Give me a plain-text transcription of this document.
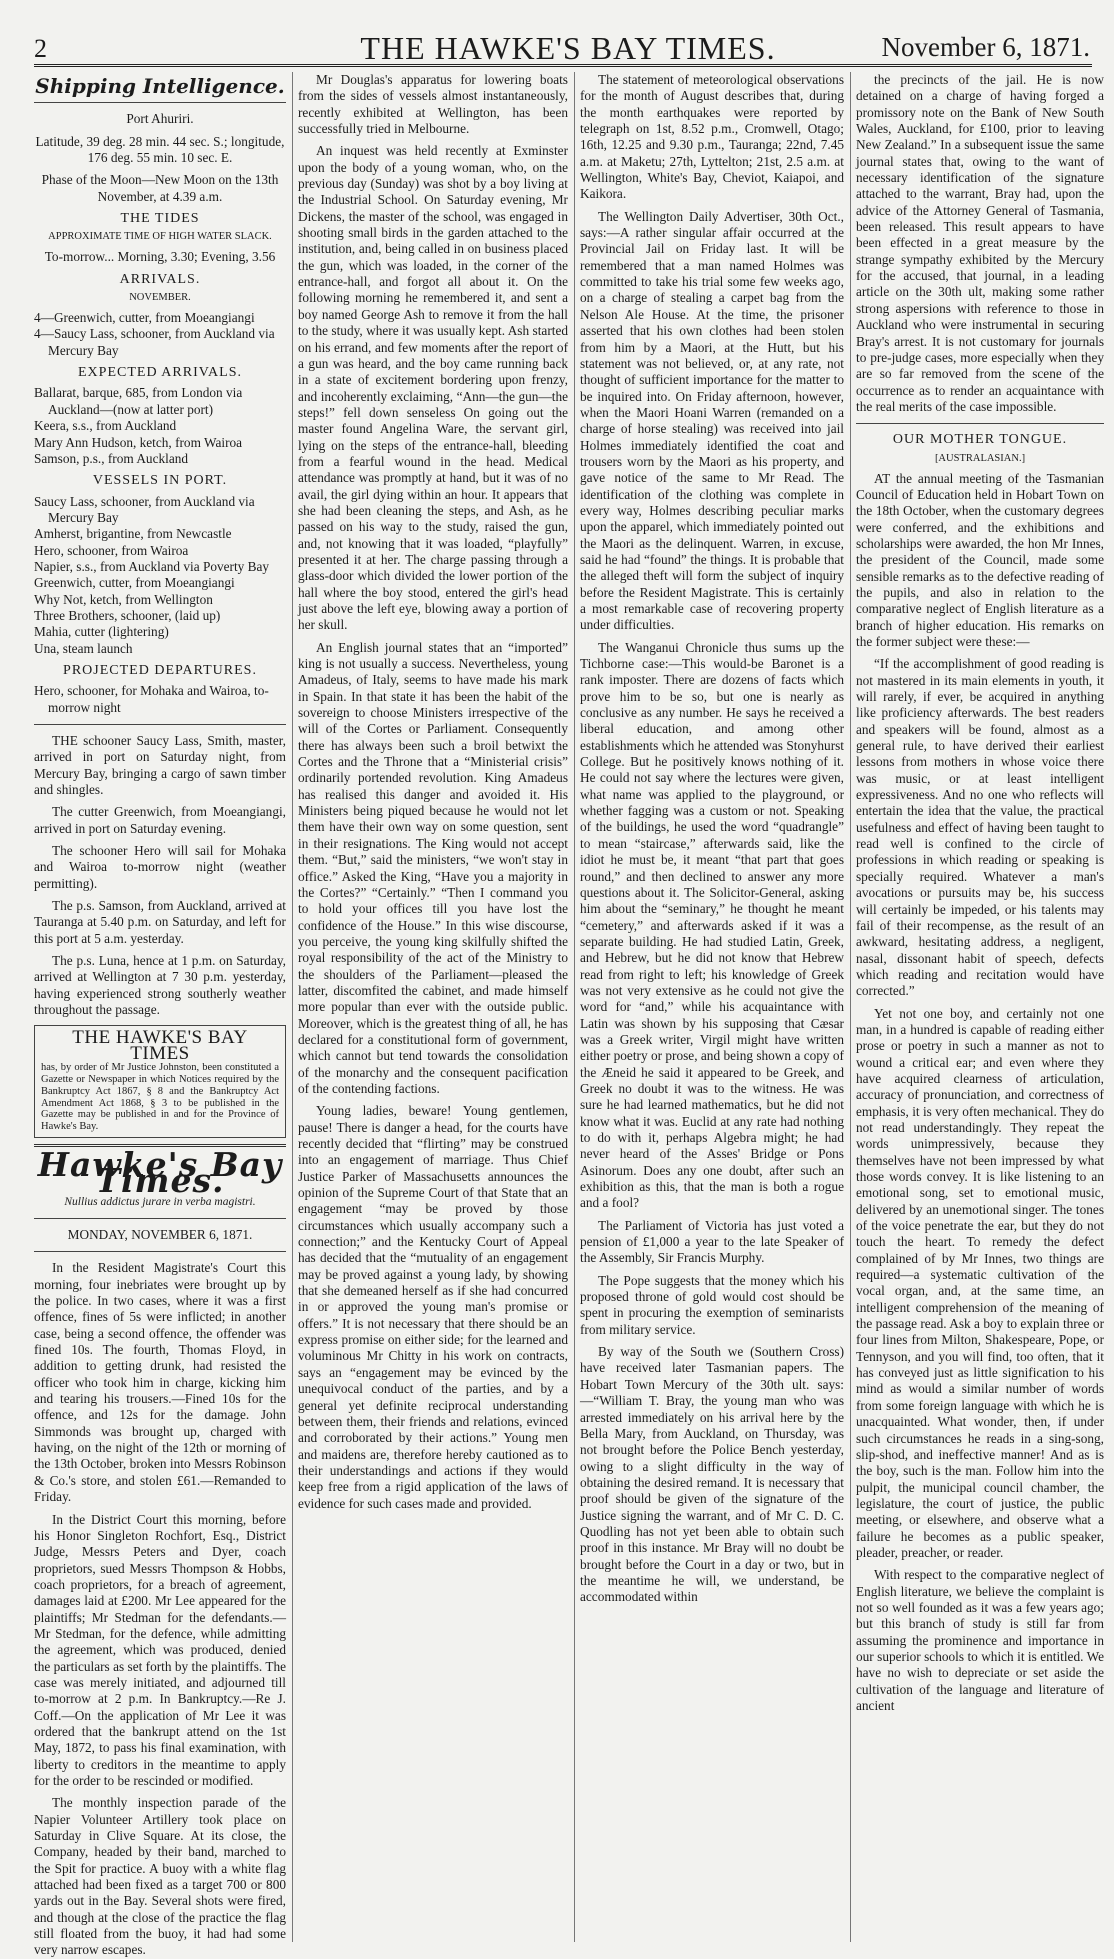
2	THE HAWKE'S BAY TIMES.	November 6, 1871.
Shipping Intelligence.

Port Ahuriri.

Latitude, 39 deg. 28 min. 44 sec. S.; longitude, 176 deg. 55 min. 10 sec. E.

Phase of the Moon—New Moon on the 13th November, at 4.39 a.m.

THE TIDES

APPROXIMATE TIME OF HIGH WATER SLACK.

To-morrow... Morning, 3.30; Evening, 3.56

ARRIVALS.

NOVEMBER.

4—Greenwich, cutter, from Moeangiangi
4—Saucy Lass, schooner, from Auckland via Mercury Bay
EXPECTED ARRIVALS.
Ballarat, barque, 685, from London via Auckland—(now at latter port)
Keera, s.s., from Auckland
Mary Ann Hudson, ketch, from Wairoa
Samson, p.s., from Auckland
VESSELS IN PORT.
Saucy Lass, schooner, from Auckland via Mercury Bay
Amherst, brigantine, from Newcastle
Hero, schooner, from Wairoa
Napier, s.s., from Auckland via Poverty Bay
Greenwich, cutter, from Moeangiangi
Why Not, ketch, from Wellington
Three Brothers, schooner, (laid up)
Mahia, cutter (lightering)
Una, steam launch
PROJECTED DEPARTURES.
Hero, schooner, for Mohaka and Wairoa, to-morrow night

THE schooner Saucy Lass, Smith, master, arrived in port on Saturday night, from Mercury Bay, bringing a cargo of sawn timber and shingles.

The cutter Greenwich, from Moeangiangi, arrived in port on Saturday evening.

The schooner Hero will sail for Mohaka and Wairoa to-morrow night (weather permitting).

The p.s. Samson, from Auckland, arrived at Tauranga at 5.40 p.m. on Saturday, and left for this port at 5 a.m. yesterday.

The p.s. Luna, hence at 1 p.m. on Saturday, arrived at Wellington at 7 30 p.m. yesterday, having experienced strong southerly weather throughout the passage.

THE HAWKE'S BAY TIMES
has, by order of Mr Justice Johnston, been constituted a Gazette or Newspaper in which Notices required by the Bankruptcy Act 1867, § 8 and the Bankruptcy Act Amendment Act 1868, § 3 to be published in the Gazette may be published in and for the Province of Hawke's Bay.
Hawke's Bay Times.

Nullius addictus jurare in verba magistri.

MONDAY, NOVEMBER 6, 1871.

In the Resident Magistrate's Court this morning, four inebriates were brought up by the police. In two cases, where it was a first offence, fines of 5s were inflicted; in another case, being a second offence, the offender was fined 10s. The fourth, Thomas Floyd, in addition to getting drunk, had resisted the officer who took him in charge, kicking him and tearing his trousers.—Fined 10s for the offence, and 12s for the damage. John Simmonds was brought up, charged with having, on the night of the 12th or morning of the 13th October, broken into Messrs Robinson & Co.'s store, and stolen £61.—Remanded to Friday.

In the District Court this morning, before his Honor Singleton Rochfort, Esq., District Judge, Messrs Peters and Dyer, coach proprietors, sued Messrs Thompson & Hobbs, coach proprietors, for a breach of agreement, damages laid at £200. Mr Lee appeared for the plaintiffs; Mr Stedman for the defendants.—Mr Stedman, for the defence, while admitting the agreement, which was produced, denied the particulars as set forth by the plaintiffs. The case was merely initiated, and adjourned till to-morrow at 2 p.m. In Bankruptcy.—Re J. Coff.—On the application of Mr Lee it was ordered that the bankrupt attend on the 1st May, 1872, to pass his final examination, with liberty to creditors in the meantime to apply for the order to be rescinded or modified.

The monthly inspection parade of the Napier Volunteer Artillery took place on Saturday in Clive Square. At its close, the Company, headed by their band, marched to the Spit for practice. A buoy with a white flag attached had been fixed as a target 700 or 800 yards out in the Bay. Several shots were fired, and though at the close of the practice the flag still floated from the buoy, it had had some very narrow escapes.

Mr Douglas's apparatus for lowering boats from the sides of vessels almost instantaneously, recently exhibited at Wellington, has been successfully tried in Melbourne.

An inquest was held recently at Exminster upon the body of a young woman, who, on the previous day (Sunday) was shot by a boy living at the Industrial School. On Saturday evening, Mr Dickens, the master of the school, was engaged in shooting small birds in the garden attached to the institution, and, being called in on business placed the gun, which was loaded, in the corner of the entrance-hall, and forgot all about it. On the following morning he remembered it, and sent a boy named George Ash to remove it from the hall to the study, where it was usually kept. Ash started on his errand, and few moments after the report of a gun was heard, and the boy came running back in a state of excitement bordering upon frenzy, and incoherently exclaiming, “Ann—the gun—the steps!” fell down senseless On going out the master found Angelina Ware, the servant girl, lying on the steps of the entrance-hall, bleeding from a fearful wound in the head. Medical attendance was promptly at hand, but it was of no avail, the girl dying within an hour. It appears that she had been cleaning the steps, and Ash, as he passed on his way to the study, raised the gun, and, not knowing that it was loaded, “playfully” presented it at her. The charge passing through a glass-door which divided the lower portion of the hall where the boy stood, entered the girl's head just above the left eye, blowing away a portion of her skull.

An English journal states that an “imported” king is not usually a success. Nevertheless, young Amadeus, of Italy, seems to have made his mark in Spain. In that state it has been the habit of the sovereign to choose Ministers irrespective of the will of the Cortes or Parliament. Consequently there has always been such a broil betwixt the Cortes and the Throne that a “Ministerial crisis” ordinarily portended revolution. King Amadeus has realised this danger and avoided it. His Ministers being piqued because he would not let them have their own way on some question, sent in their resignations. The King would not accept them. “But,” said the ministers, “we won't stay in office.” Asked the King, “Have you a majority in the Cortes?” “Certainly.” “Then I command you to hold your offices till you have lost the confidence of the House.” In this wise discourse, you perceive, the young king skilfully shifted the royal responsibility of the act of the Ministry to the shoulders of the Parliament—pleased the latter, discomfited the cabinet, and made himself more popular than ever with the outside public. Moreover, which is the greatest thing of all, he has declared for a constitutional form of government, which cannot but tend towards the consolidation of the monarchy and the consequent pacification of the contending factions.

Young ladies, beware! Young gentlemen, pause! There is danger a head, for the courts have recently decided that “flirting” may be construed into an engagement of marriage. Thus Chief Justice Parker of Massachusetts announces the opinion of the Supreme Court of that State that an engagement “may be proved by those circumstances which usually accompany such a connection;” and the Kentucky Court of Appeal has decided that the “mutuality of an engagement may be proved against a young lady, by showing that she demeaned herself as if she had concurred in or approved the young man's promise or offers.” It is not necessary that there should be an express promise on either side; for the learned and voluminous Mr Chitty in his work on contracts, says an “engagement may be evinced by the unequivocal conduct of the parties, and by a general yet definite reciprocal understanding between them, their friends and relations, evinced and corroborated by their actions.” Young men and maidens are, therefore hereby cautioned as to their understandings and actions if they would keep free from a rigid application of the laws of evidence for such cases made and provided.

The statement of meteorological observations for the month of August describes that, during the month earthquakes were reported by telegraph on 1st, 8.52 p.m., Cromwell, Otago; 16th, 12.25 and 9.30 p.m., Tauranga; 22nd, 7.45 a.m. at Maketu; 27th, Lyttelton; 21st, 2.5 a.m. at Wellington, White's Bay, Cheviot, Kaiapoi, and Kaikora.

The Wellington Daily Advertiser, 30th Oct., says:—A rather singular affair occurred at the Provincial Jail on Friday last. It will be remembered that a man named Holmes was committed to take his trial some few weeks ago, on a charge of stealing a carpet bag from the Nelson Ale House. At the time, the prisoner asserted that his own clothes had been stolen from him by a Maori, at the Hutt, but his statement was not believed, or, at any rate, not thought of sufficient importance for the matter to be inquired into. On Friday afternoon, however, when the Maori Hoani Warren (remanded on a charge of horse stealing) was received into jail Holmes immediately identified the coat and trousers worn by the Maori as his property, and gave notice of the same to Mr Read. The identification of the clothing was complete in every way, Holmes describing peculiar marks upon the apparel, which immediately pointed out the Maori as the delinquent. Warren, in excuse, said he had “found” the things. It is probable that the alleged theft will form the subject of inquiry before the Resident Magistrate. This is certainly a most remarkable case of recovering property under difficulties.

The Wanganui Chronicle thus sums up the Tichborne case:—This would-be Baronet is a rank imposter. There are dozens of facts which prove him to be so, but one is nearly as conclusive as any number. He says he received a liberal education, and among other establishments which he attended was Stonyhurst College. But he positively knows nothing of it. He could not say where the lectures were given, what name was applied to the playground, or whether fagging was a custom or not. Speaking of the buildings, he used the word “quadrangle” to mean “staircase,” afterwards said, like the idiot he must be, it meant “that part that goes round,” and then declined to answer any more questions about it. The Solicitor-General, asking him about the “seminary,” he thought he meant “cemetery,” and afterwards asked if it was a separate building. He had studied Latin, Greek, and Hebrew, but he did not know that Hebrew read from right to left; his knowledge of Greek was not very extensive as he could not give the word for “and,” while his acquaintance with Latin was shown by his supposing that Cæsar was a Greek writer, Virgil might have written either poetry or prose, and being shown a copy of the Æneid he said it appeared to be Greek, and Greek no doubt it was to the witness. He was sure he had learned mathematics, but he did not know what it was. Euclid at any rate had nothing to do with it, perhaps Algebra might; he had never heard of the Asses' Bridge or Pons Asinorum. Does any one doubt, after such an exhibition as this, that the man is both a rogue and a fool?

The Parliament of Victoria has just voted a pension of £1,000 a year to the late Speaker of the Assembly, Sir Francis Murphy.

The Pope suggests that the money which his proposed throne of gold would cost should be spent in procuring the exemption of seminarists from military service.

By way of the South we (Southern Cross) have received later Tasmanian papers. The Hobart Town Mercury of the 30th ult. says:—“William T. Bray, the young man who was arrested immediately on his arrival here by the Bella Mary, from Auckland, on Thursday, was not brought before the Police Bench yesterday, owing to a slight difficulty in the way of obtaining the desired remand. It is necessary that proof should be given of the signature of the Justice signing the warrant, and of Mr C. D. C. Quodling has not yet been able to obtain such proof in this instance. Mr Bray will no doubt be brought before the Court in a day or two, but in the meantime he will, we understand, be accommodated within

the precincts of the jail. He is now detained on a charge of having forged a promissory note on the Bank of New South Wales, Auckland, for £100, prior to leaving New Zealand.” In a subsequent issue the same journal states that, owing to the want of necessary identification of the signature attached to the warrant, Bray had, upon the advice of the Attorney General of Tasmania, been released. This result appears to have been effected in a great measure by the strange sympathy exhibited by the Mercury for the accused, that journal, in a leading article on the 30th ult, making some rather strong aspersions with reference to those in Auckland who were instrumental in securing Bray's arrest. It is not customary for journals to pre-judge cases, more especially when they are so far removed from the scene of the occurrence as to render an acquaintance with the real merits of the case impossible.

OUR MOTHER TONGUE.

[AUSTRALASIAN.]

AT the annual meeting of the Tasmanian Council of Education held in Hobart Town on the 18th October, when the customary degrees were conferred, and the exhibitions and scholarships were awarded, the hon Mr Innes, the president of the Council, made some sensible remarks as to the defective reading of the pupils, and also in relation to the comparative neglect of English literature as a branch of higher education. His remarks on the former subject were these:—

“If the accomplishment of good reading is not mastered in its main elements in youth, it will rarely, if ever, be acquired in anything like proficiency afterwards. The best readers and speakers will be found, almost as a general rule, to have derived their earliest lessons from mothers in whose voice there was music, or at least intelligent expressiveness. And no one who reflects will entertain the idea that the value, the practical usefulness and effect of having been taught to read well is confined to the circle of professions in which reading or speaking is specially required. Whatever a man's avocations or pursuits may be, his success will certainly be impeded, or his talents may fail of their recompense, as the result of an awkward, hesitating address, a negligent, nasal, dissonant habit of speech, defects which reading and recitation would have corrected.”

Yet not one boy, and certainly not one man, in a hundred is capable of reading either prose or poetry in such a manner as not to wound a critical ear; and even where they have acquired clearness of articulation, accuracy of pronunciation, and correctness of emphasis, it is very often mechanical. They do not read understandingly. They repeat the words unimpressively, because they themselves have not been impressed by what those words convey. It is like listening to an emotional song, set to emotional music, delivered by an unemotional singer. The tones of the voice penetrate the ear, but they do not touch the heart. To remedy the defect complained of by Mr Innes, two things are required—a systematic cultivation of the vocal organ, and, at the same time, an intelligent comprehension of the meaning of the passage read. Ask a boy to explain three or four lines from Milton, Shakespeare, Pope, or Tennyson, and you will find, too often, that it has conveyed just as little signification to his mind as would a similar number of words from some foreign language with which he is unacquainted. What wonder, then, if under such circumstances he reads in a sing-song, slip-shod, and ineffective manner! And as is the boy, such is the man. Follow him into the pulpit, the municipal council chamber, the legislature, the court of justice, the public meeting, or elsewhere, and observe what a failure he becomes as a public speaker, pleader, preacher, or reader.

With respect to the comparative neglect of English literature, we believe the complaint is not so well founded as it was a few years ago; but this branch of study is still far from assuming the prominence and importance in our superior schools to which it is entitled. We have no wish to depreciate or set aside the cultivation of the language and literature of ancient
